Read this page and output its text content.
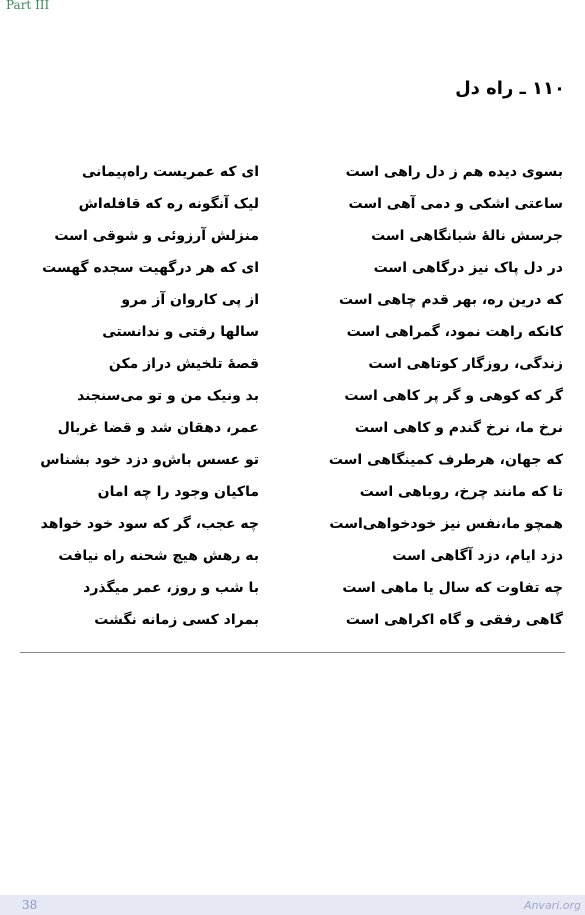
Part III
۱۱۰ ـ راه دل
ای که عمریست راه‌پیمانی	بسوی دیده هم ز دل راهی است
لیک آنگونه ره که قافله‌اش	ساعتی اشکی و دمی آهی است
منزلش آرزوئی و شوقی است	جرسش نالهٔ شبانگاهی است
ای که هر درگهیت سجده گهست	در دل پاک نیز درگاهی است
از پی کاروان آز مرو	که درین ره، بهر قدم چاهی است
سالها رفتی و ندانستی	کانکه راهت نمود، گمراهی است
قصهٔ تلخیش دراز مکن	زندگی، روزگار کوتاهی است
بد ونیک من و تو می‌سنجند	گر که کوهی و گر پر کاهی است
عمر، دهقان شد و قضا غربال	نرخ ما، نرخ گندم و کاهی است
تو عسس باش‌و دزد خود بشناس	که جهان، هرطرف کمینگاهی است
ماکیان وجود را چه امان	تا که مانند چرخ، روباهی است
چه عجب، گر که سود خود خواهد	همچو ما،نفس نیز خودخواهی‌است
به رهش هیچ شحنه راه نیافت	دزد ایام، دزد آگاهی است
با شب و روز، عمر میگذرد	چه تفاوت که سال یا ماهی است
بمراد کسی زمانه نگشت	گاهی رفقی و گاه اکراهی است
38	Anvari.org
